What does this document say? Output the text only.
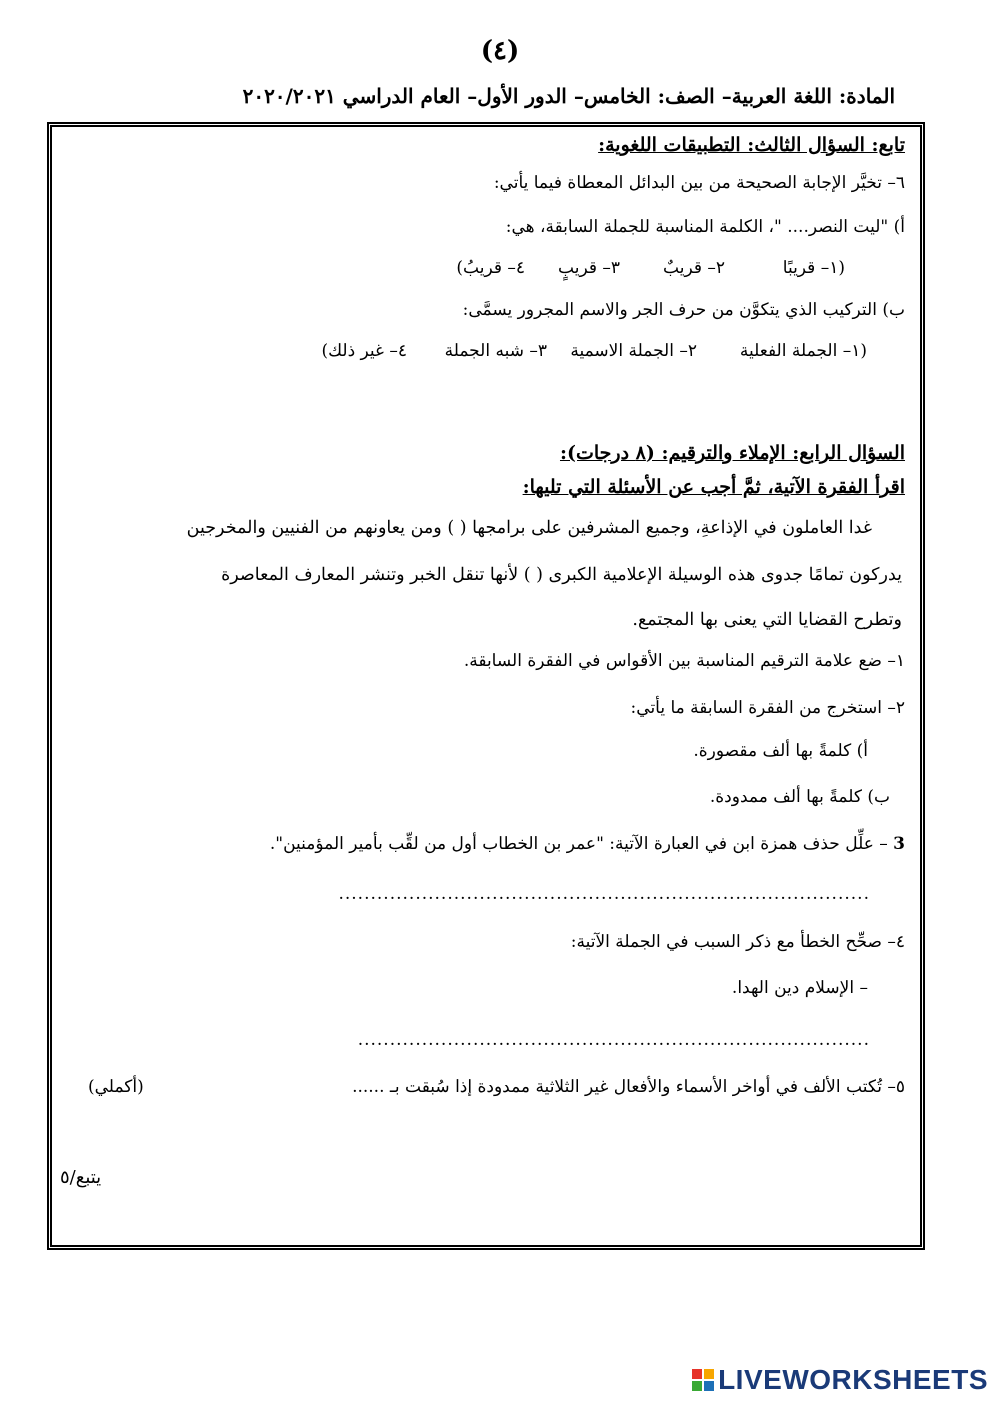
(٤)
المادة: اللغة العربية– الصف: الخامس– الدور الأول– العام الدراسي ٢٠٢٠/٢٠٢١
تابع: السؤال الثالث: التطبيقات اللغوية:
٦– تخيَّر الإجابة الصحيحة من بين البدائل المعطاة فيما يأتي:
أ) "ليت النصر.... "، الكلمة المناسبة للجملة السابقة، هي:
(١– قريبًا
٢– قريبٌ
٣– قريبٍ
٤– قريبُ)
ب) التركيب الذي يتكوَّن من حرف الجر والاسم المجرور يسمَّى:
(١– الجملة الفعلية
٢– الجملة الاسمية
٣– شبه الجملة
٤– غير ذلك)
السؤال الرابع: الإملاء والترقيم: (٨ درجات):
اقرأ الفقرة الآتية، ثمَّ أجب عن الأسئلة التي تليها:
غدا العاملون في الإذاعةِ، وجميع المشرفين على برامجها ( ) ومن يعاونهم من الفنيين والمخرجين
يدركون تمامًا جدوى هذه الوسيلة الإعلامية الكبرى ( ) لأنها تنقل الخبر وتنشر المعارف المعاصرة
وتطرح القضايا التي يعنى بها المجتمع.
١– ضع علامة الترقيم المناسبة بين الأقواس في الفقرة السابقة.
٢– استخرج من الفقرة السابقة ما يأتي:
أ) كلمةً بها ألف مقصورة.
ب) كلمةً بها ألف ممدودة.
3 – علِّل حذف همزة ابن في العبارة الآتية: "عمر بن الخطاب أول من لقِّب بأمير المؤمنين".
...................................................................................
٤– صحِّح الخطأ مع ذكر السبب في الجملة الآتية:
– الإسلام دين الهدا.
................................................................................
٥– تُكتب الألف في أواخر الأسماء والأفعال غير الثلاثية ممدودة إذا سُبقت بـ ......
(أكملي)
يتبع/٥
LIVEWORKSHEETS
